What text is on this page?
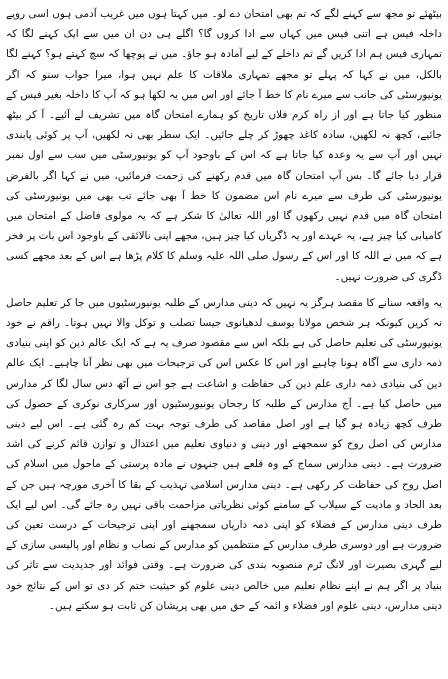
بیٹھئے تو مجھ سے کہنے لگے کہ تم بھی امتحان دے لو۔ میں کہتا ہوں میں غریب آدمی ہوں اسی روپے داخلہ فیس ہے اتنی فیس میں کہاں سے ادا کروں گا؟ اگلے ہی دن ان میں سے ایک کہنے لگا کہ تمہاری فیس ہم ادا کریں گے تم داخلے کے لیے آمادہ ہو جاؤ۔ میں نے پوچھا کہ سچ کہتے ہو؟ کہنے لگا بالکل، میں نے کہا کہ پہلے تو مجھے تمہاری ملاقات کا علم نہیں ہوا، میرا جواب سنو کہ اگر یونیورسٹی کی جانب سے میرے نام کا خط آ جائے اور اس میں یہ لکھا ہو کہ آپ کا داخلہ بغیر فیس کے منظور کیا جاتا ہے اور از راہ کرم فلاں تاریخ کو ہمارے امتحان گاہ میں تشریف لے آئیے۔ آ کر بیٹھ جائیے، کچھ نہ لکھیں، سادہ کاغذ چھوڑ کر چلے جائیں۔ ایک سطر بھی نہ لکھیں، آپ پر کوئی پابندی نہیں اور آپ سے یہ وعدہ کیا جاتا ہے کہ اس کے باوجود آپ کو یونیورسٹی میں سب سے اول نمبر قرار دیا جائے گا۔ بس آپ امتحان گاہ میں قدم رکھنے کی زحمت فرمائیں، میں نے کہا اگر بالفرض یونیورسٹی کی طرف سے میرے نام اس مضمون کا خط آ بھی جائے تب بھی میں یونیورسٹی کی امتحان گاہ میں قدم نہیں رکھوں گا اور اللہ تعالیٰ کا شکر ہے کہ یہ مولوی فاضل کے امتحان میں کامیابی کیا چیز ہے، یہ عہدے اور یہ ڈگریاں کیا چیز ہیں، مجھے اپنی نالائقی کے باوجود اس بات پر فخر ہے کہ میں نے اللہ کا اور اس کے رسول صلی اللہ علیہ وسلم کا کلام پڑھا ہے اس کے بعد مجھے کسی ڈگری کی ضرورت نہیں۔

یہ واقعہ سنانے کا مقصد ہرگز یہ نہیں کہ دینی مدارس کے طلبہ یونیورسٹیوں میں جا کر تعلیم حاصل نہ کریں کیونکہ ہر شخص مولانا یوسف لدھیانوی جیسا تصلب و توکل والا نہیں ہوتا۔ راقم نے خود یونیورسٹی کی تعلیم حاصل کی ہے بلکہ اس سے مقصود صرف یہ ہے کہ ایک عالم دین کو اپنی بنیادی ذمہ داری سے آگاہ ہونا چاہیے اور اس کا عکس اس کی ترجیحات میں بھی نظر آنا چاہیے۔ ایک عالم دین کی بنیادی ذمہ داری علم دین کی حفاظت و اشاعت ہے جو اس نے آٹھ دس سال لگا کر مدارس میں حاصل کیا ہے۔ آج مدارس کے طلبہ کا رجحان یونیورسٹیوں اور سرکاری نوکری کے حصول کی طرف کچھ زیادہ ہو گیا ہے اور اصل مقاصد کی طرف توجہ بہت کم رہ گئی ہے۔ اس لیے دینی مدارس کی اصل روح کو سمجھنے اور دینی و دنیاوی تعلیم میں اعتدال و توازن قائم کرنے کی اشد ضرورت ہے۔ دینی مدارس سماج کے وہ قلعے ہیں جنہوں نے مادہ پرستی کے ماحول میں اسلام کی اصل روح کی حفاظت کر رکھی ہے۔ دینی مدارس اسلامی تہذیب کے بقا کا آخری مورچہ ہیں جن کے بعد الحاد و مادیت کے سیلاب کے سامنے کوئی نظریاتی مزاحمت باقی نہیں رہ جائے گی۔ اس لیے ایک طرف دینی مدارس کے فضلاء کو اپنی ذمہ داریاں سمجھنے اور اپنی ترجیحات کے درست تعین کی ضرورت ہے اور دوسری طرف مدارس کے منتظمین کو مدارس کے نصاب و نظام اور پالیسی سازی کے لیے گہری بصیرت اور لانگ ٹرم منصوبہ بندی کی ضرورت ہے۔ وقتی فوائد اور جدیدیت سے تاثر کی بنیاد پر اگر ہم نے اپنے نظام تعلیم میں خالص دینی علوم کو حیثیت ختم کر دی تو اس کے نتائج خود دینی مدارس، دینی علوم اور فضلاء و ائمہ کے حق میں بھی پریشان کن ثابت ہو سکتے ہیں۔
